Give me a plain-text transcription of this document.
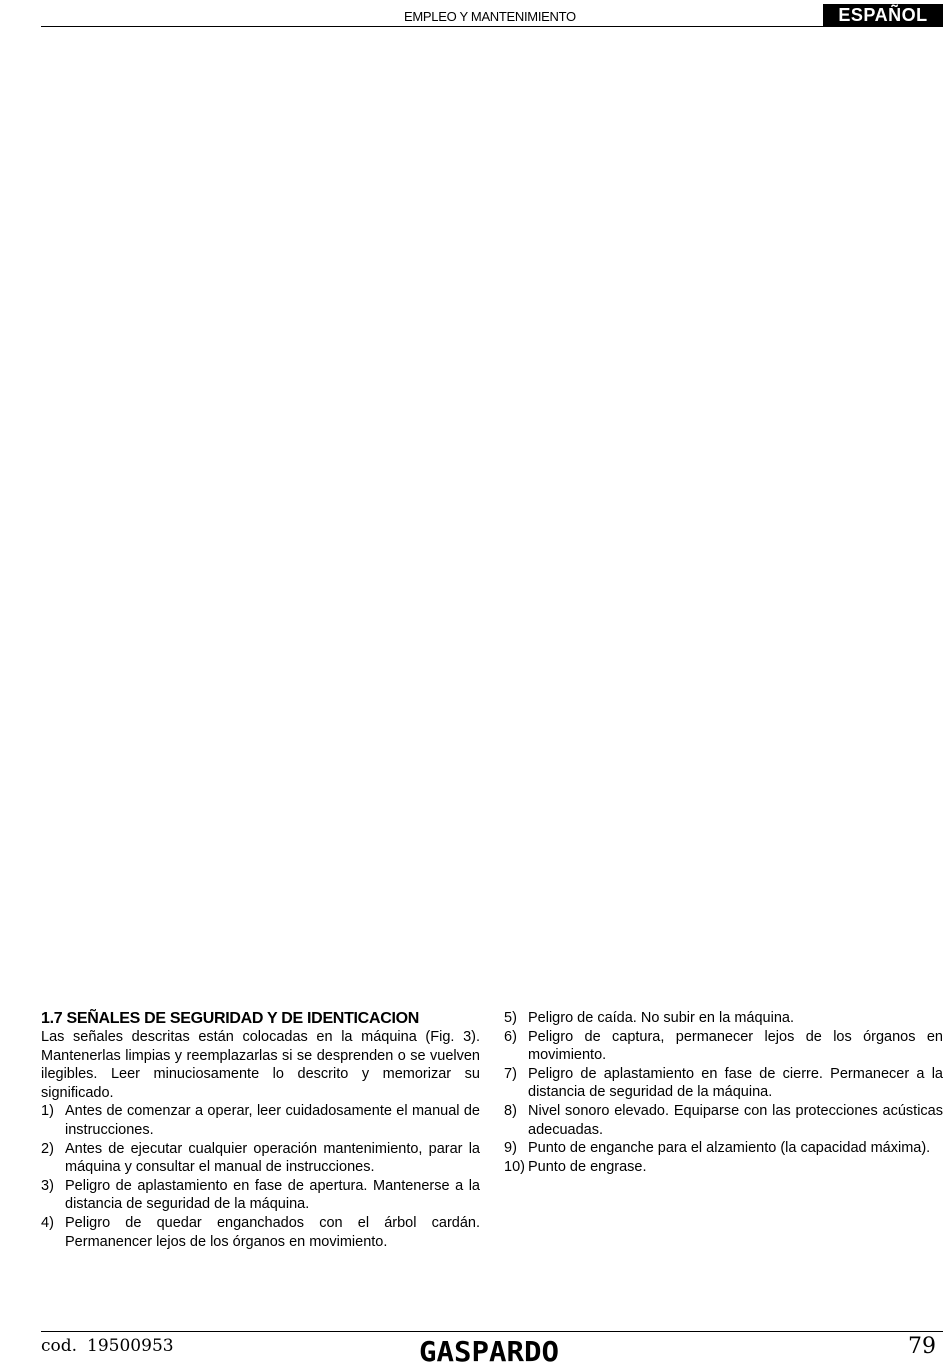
EMPLEO Y MANTENIMIENTO	ESPAÑOL
1.7 SEÑALES DE SEGURIDAD Y DE IDENTICACION

Las señales descritas están colocadas en la máquina (Fig. 3). Mantenerlas limpias y reemplazarlas si se desprenden o se vuelven ilegibles. Leer minuciosamente lo descrito y memorizar su significado.

1) Antes de comenzar a operar, leer cuidadosamente el manual de instrucciones.
2) Antes de ejecutar cualquier operación mantenimiento, parar la máquina y consultar el manual de instrucciones.
3) Peligro de aplastamiento en fase de apertura. Mantenerse a la distancia de seguridad de la máquina.
4) Peligro de quedar enganchados con el árbol cardán. Permanencer lejos de los órganos en movimiento.
5) Peligro de caída. No subir en la máquina.
6) Peligro de captura, permanecer lejos de los órganos en movimiento.
7) Peligro de aplastamiento en fase de cierre. Permanecer a la distancia de seguridad de la máquina.
8) Nivel sonoro elevado. Equiparse con las protecciones acústicas adecuadas.
9) Punto de enganche para el alzamiento (la capacidad máxima).
10) Punto de engrase.
cod. 19500953	GASPARDO	79
